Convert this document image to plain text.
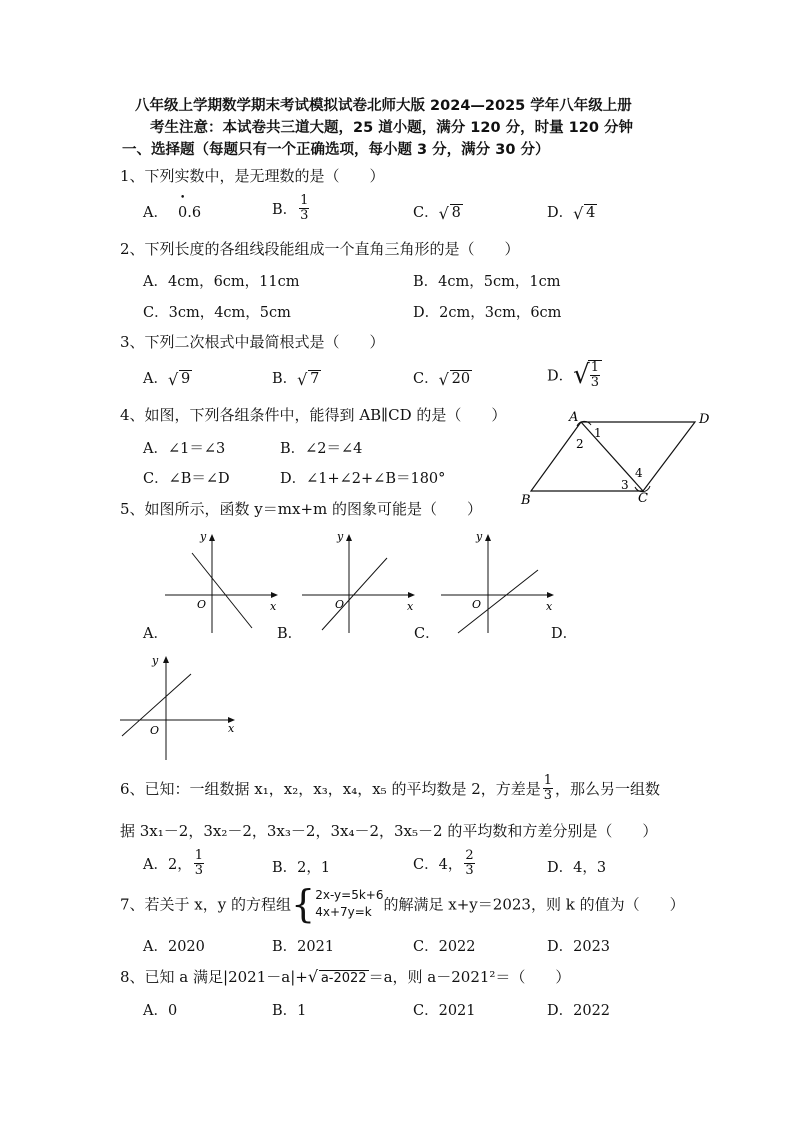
八年级上学期数学期末考试模拟试卷北师大版 2024—2025 学年八年级上册
考生注意：本试卷共三道大题，25 道小题，满分 120 分，时量 120 分钟
一、选择题（每题只有一个正确选项，每小题 3 分，满分 30 分）
1、下列实数中，是无理数的是（　　）
A． 0.6 •	B． $\frac{1}{3}$	C． √ 8	D． √ 4
2、下列长度的各组线段能组成一个直角三角形的是（　　）
A．4cm，6cm，11cm	B．4cm，5cm，1cm
C．3cm，4cm，5cm	D．2cm，3cm，6cm
3、下列二次根式中最简根式是（　　）
A． √ 9	B． √ 7	C． √ 20	D．√
$\frac{1}{3}$
4、如图，下列各组条件中，能得到 AB∥CD 的是（　　）
A．∠1＝∠3	B．∠2＝∠4
C．∠B＝∠D	D．∠1+∠2+∠B＝180°
A	D
B	C
1
2
3
4
5、如图所示，函数 y＝mx+m 的图象可能是（　　）
y
x
O
A．
y
x
O
B．
y
x
O
C．	D．
y
x
O
6、已知：一组数据 x₁，x₂，x₃，x₄，x₅ 的平均数是 2，方差是 $\frac{1}{3}$ ，那么另一组数
据 3x₁－2，3x₂－2，3x₃－2，3x₄－2，3x₅－2 的平均数和方差分别是（　　）
A．2， $\frac{1}{3}$	B．2，1	C．4， $\frac{2}{3}$	D．4，3
7、若关于 x，y 的方程组{ 2x-y=5k+6
4x+7y=k 的解满足 x+y＝2023，则 k 的值为（　　）
A．2020	B．2021	C．2022	D．2023
8、已知 a 满足|2021－a|+ √ a-2022 ＝a，则 a－2021²＝（　　）
A．0	B．1	C．2021	D．2022
